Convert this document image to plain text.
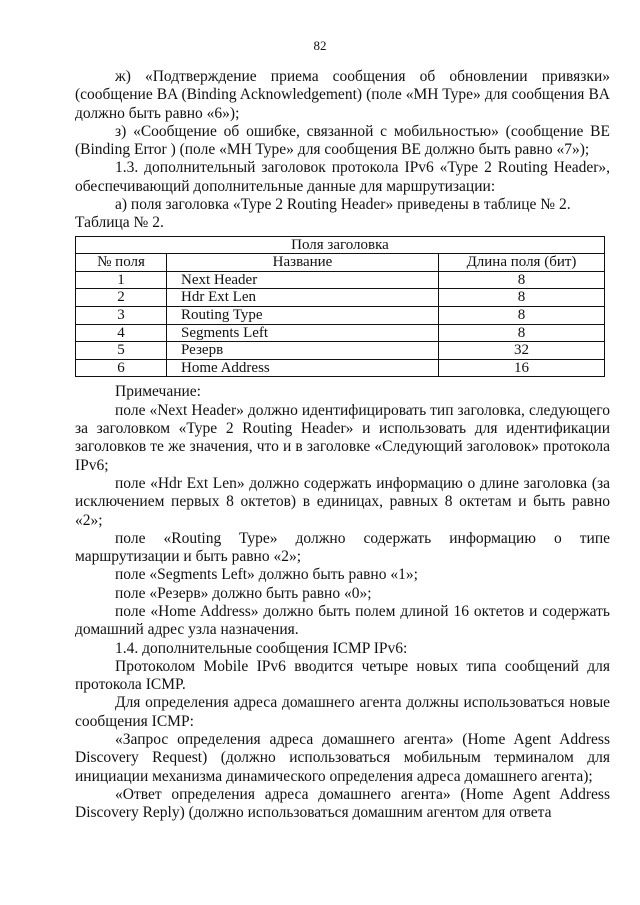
82

ж) «Подтверждение приема сообщения об обновлении привязки» (сообщение BA (Binding Acknowledgement) (поле «MH Type» для сообщения BA должно быть равно «6»);

з) «Сообщение об ошибке, связанной с мобильностью» (сообщение BE (Binding Error ) (поле «MH Type» для сообщения BE должно быть равно «7»);

1.3. дополнительный заголовок протокола IPv6 «Type 2 Routing Header», обеспечивающий дополнительные данные для маршрутизации:

а) поля заголовка «Type 2 Routing Header» приведены в таблице № 2.

Таблица № 2.

Поля заголовка		
№ поля	Название	Длина поля (бит)
1	Next Header	8
2	Hdr Ext Len	8
3	Routing Type	8
4	Segments Left	8
5	Резерв	32
6	Home Address	16

Примечание:

поле «Next Header» должно идентифицировать тип заголовка, следующего за заголовком «Type 2 Routing Header» и использовать для идентификации заголовков те же значения, что и в заголовке «Следующий заголовок» протокола IPv6;

поле «Hdr Ext Len» должно содержать информацию о длине заголовка (за исключением первых 8 октетов) в единицах, равных 8 октетам и быть равно «2»;

поле «Routing Type» должно содержать информацию о типе маршрутизации и быть равно «2»;

поле «Segments Left» должно быть равно «1»;

поле «Резерв» должно быть равно «0»;

поле «Home Address» должно быть полем длиной 16 октетов и содержать домашний адрес узла назначения.

1.4. дополнительные сообщения ICMP IPv6:

Протоколом Mobile IPv6 вводится четыре новых типа сообщений для протокола ICMP.

Для определения адреса домашнего агента должны использоваться новые сообщения ICMP:

«Запрос определения адреса домашнего агента» (Home Agent Address Discovery Request) (должно использоваться мобильным терминалом для инициации механизма динамического определения адреса домашнего агента);

«Ответ определения адреса домашнего агента» (Home Agent Address Discovery Reply) (должно использоваться домашним агентом для ответа
